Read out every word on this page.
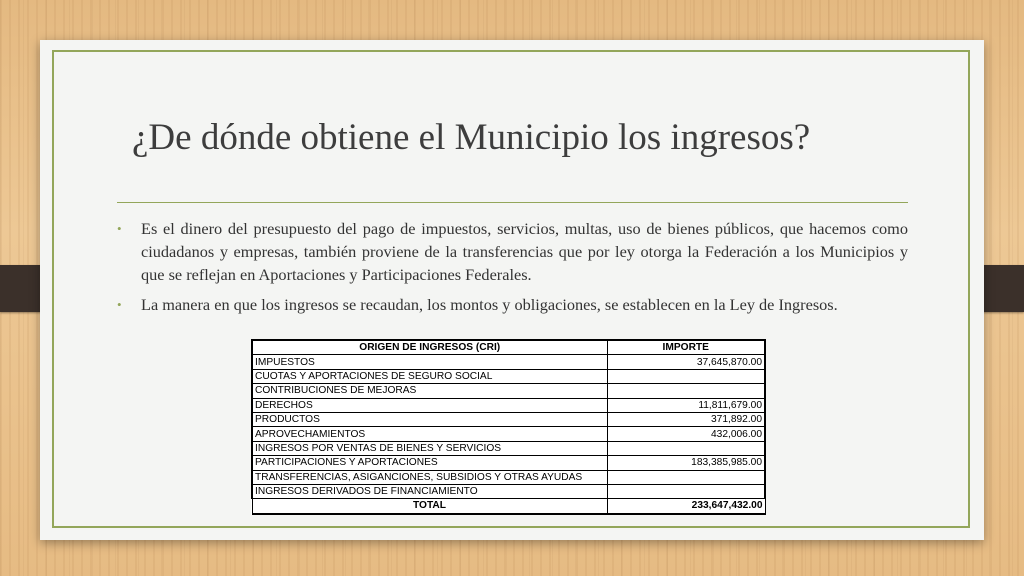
¿De dónde obtiene el Municipio los ingresos?
• Es el dinero del presupuesto del pago de impuestos, servicios, multas, uso de bienes públicos, que hacemos como ciudadanos y empresas, también proviene de la transferencias que por ley otorga la Federación a los Municipios y que se reflejan en Aportaciones y Participaciones Federales.
• La manera en que los ingresos se recaudan, los montos y obligaciones, se establecen en la Ley de Ingresos.
ORIGEN DE INGRESOS (CRI)	IMPORTE
IMPUESTOS	37,645,870.00
CUOTAS Y APORTACIONES DE SEGURO SOCIAL	
CONTRIBUCIONES DE MEJORAS	
DERECHOS	11,811,679.00
PRODUCTOS	371,892.00
APROVECHAMIENTOS	432,006.00
INGRESOS POR VENTAS DE BIENES Y SERVICIOS	
PARTICIPACIONES Y APORTACIONES	183,385,985.00
TRANSFERENCIAS, ASIGANCIONES, SUBSIDIOS Y OTRAS AYUDAS	
INGRESOS DERIVADOS DE FINANCIAMIENTO	
TOTAL	233,647,432.00
